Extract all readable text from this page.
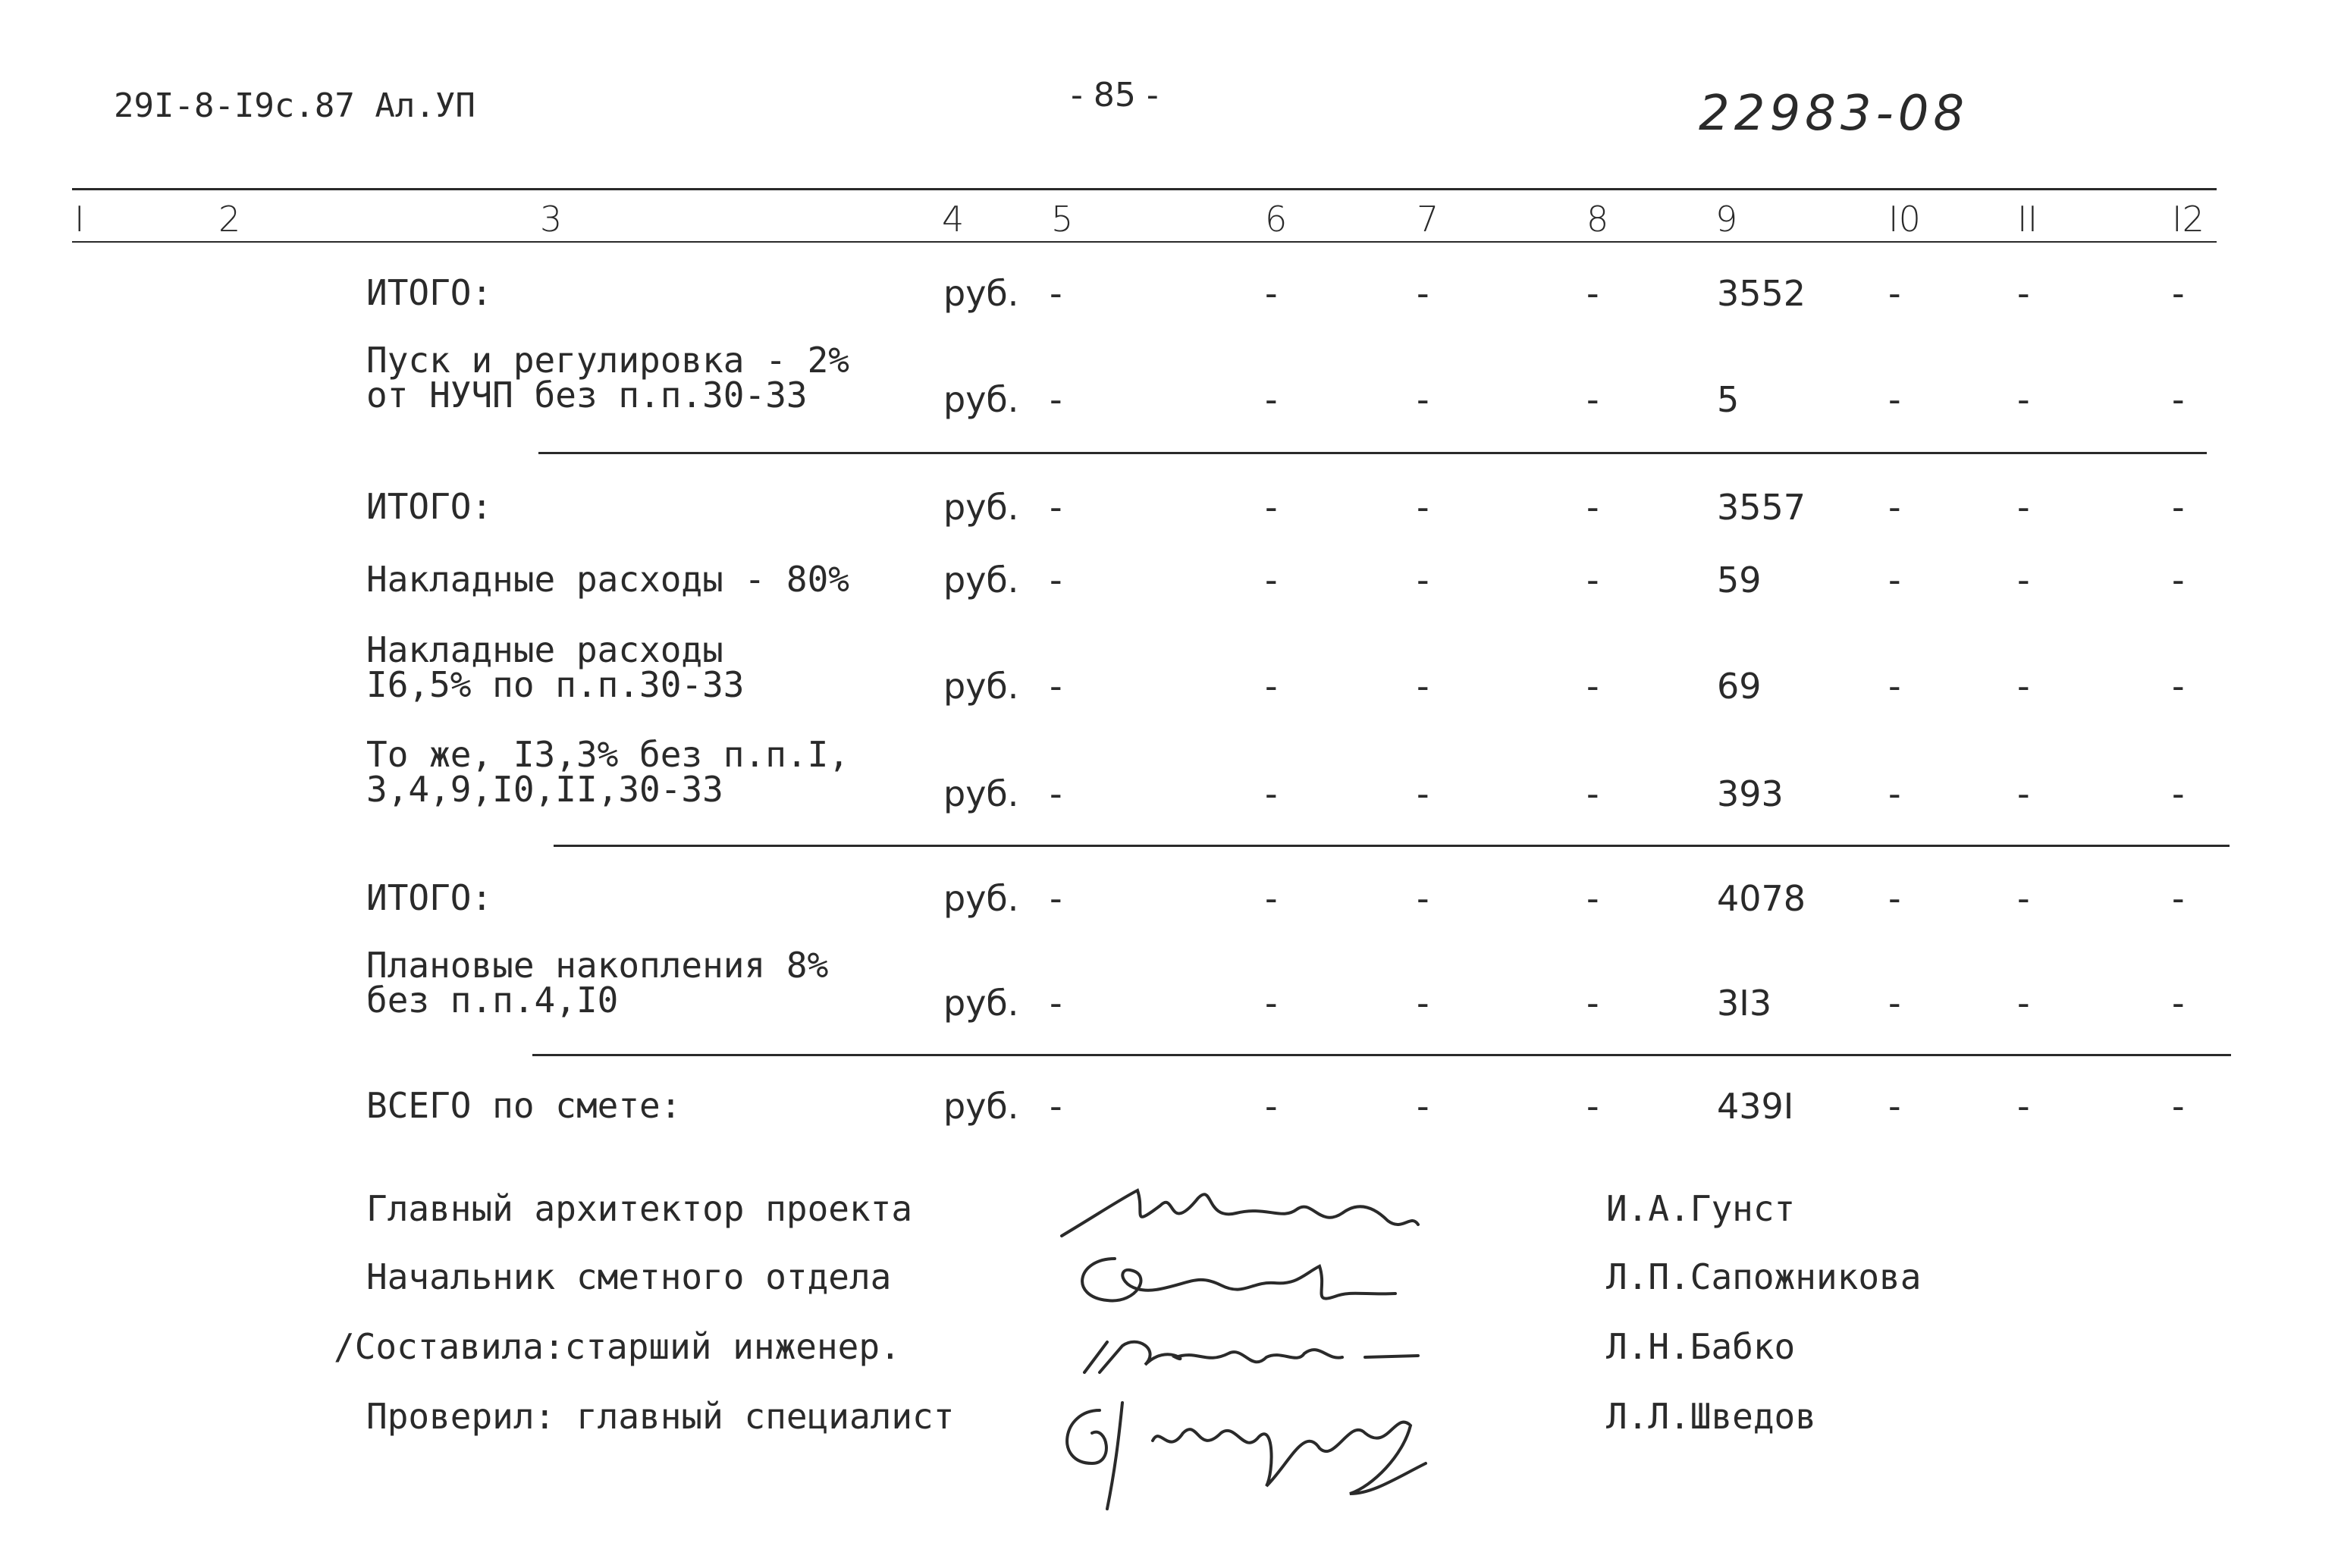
29I-8-I9с.87 Ал.УП	- 85 -	22983-08
I	2	3	4 5	6	7	8	9	I0	II	I2
ИТОГО:	руб. -	-	-	-	3552 -	-	-
Пуск и регулировка - 2%
от НУЧП без п.п.30-33	руб. -	-	-	-	5	-	-	-
ИТОГО:	руб. -	-	-	-	3557 -	-	-
Накладные расходы - 80%	руб. -	-	-	-	59	-	-	-
Накладные расходы
I6,5% по п.п.30-33	руб. -	-	-	-	69	-	-	-
То же, I3,3% без п.п.I,
3,4,9,I0,II,30-33	руб. -	-	-	-	393	-	-	-
ИТОГО:	руб. -	-	-	-	4078 -	-	-
Плановые накопления 8%
без п.п.4,I0	руб. -	-	-	-	3I3	-	-	-
ВСЕГО по смете:	руб. -	-	-	-	439I	-	-	-
Главный архитектор проекта
Начальник сметного отдела
/Составила:старший инженер.
Проверил: главный специалист
И.А.Гунст
Л.П.Сапожникова
Л.Н.Бабко
Л.Л.Шведов
